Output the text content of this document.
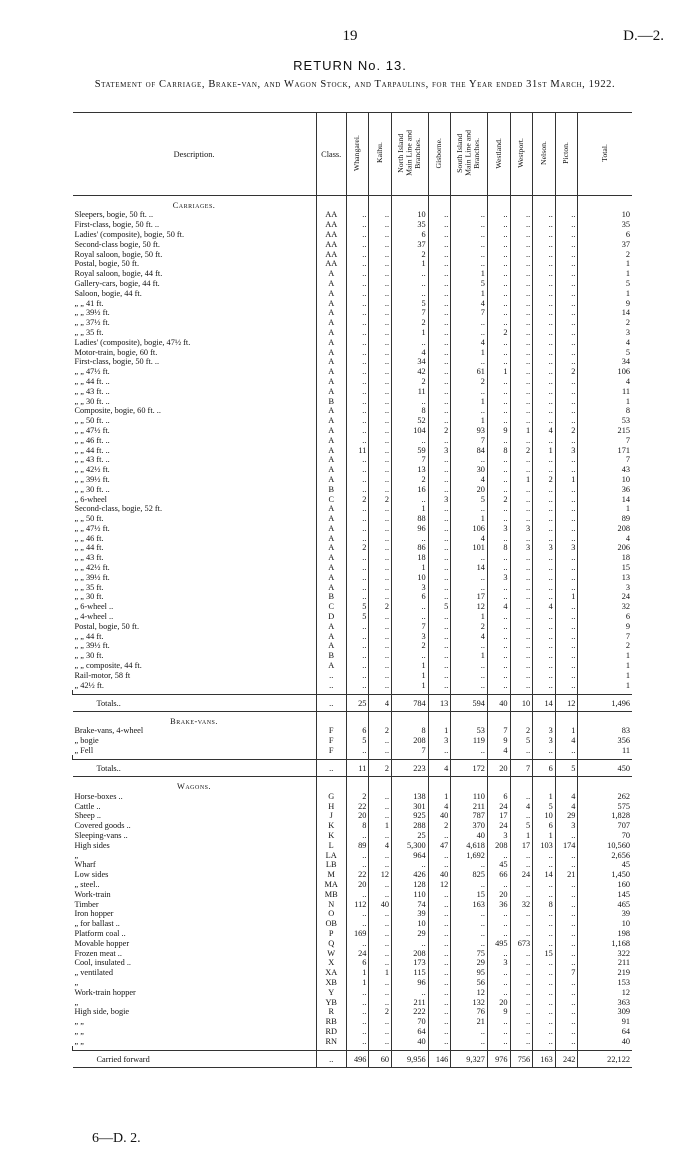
19	D.—2.
RETURN No. 13.
Statement of Carriage, Brake-van, and Wagon Stock, and Tarpaulins, for the Year ended 31st March, 1922.
Description.	Class.	Whangarei.	Kaihu.	North Island
Main Line and
Branches.	Gisborne.	South Island
Main Line and
Branches.	Westland.	Westport.	Nelson.	Picton.	Total.
Carriages.											
Sleepers, bogie, 50 ft. ..	AA	..	..	10	..	..	..	..	..	..	10
First-class, bogie, 50 ft. ..	AA	..	..	35	..	..	..	..	..	..	35
Ladies' (composite), bogie, 50 ft.	AA	..	..	6	..	..	..	..	..	..	6
Second-class bogie, 50 ft.	AA	..	..	37	..	..	..	..	..	..	37
Royal saloon, bogie, 50 ft.	AA	..	..	2	..	..	..	..	..	..	2
Postal, bogie, 50 ft.	AA	..	..	1	..	..	..	..	..	..	1
Royal saloon, bogie, 44 ft.	A	..	..	..	..	1	..	..	..	..	1
Gallery-cars, bogie, 44 ft.	A	..	..	..	..	5	..	..	..	..	5
Saloon, bogie, 44 ft.	A	..	..	..	..	1	..	..	..	..	1
„ „ 41 ft.	A	..	..	5	..	4	..	..	..	..	9
„ „ 39½ ft.	A	..	..	7	..	7	..	..	..	..	14
„ „ 37½ ft.	A	..	..	2	..	..	..	..	..	..	2
„ „ 35 ft.	A	..	..	1	..	..	2	..	..	..	3
Ladies' (composite), bogie, 47½ ft.	A	..	..	..	..	4	..	..	..	..	4
Motor-train, bogie, 60 ft.	A	..	..	4	..	1	..	..	..	..	5
First-class, bogie, 50 ft. ..	A	..	..	34	..	..	..	..	..	..	34
„ „ 47½ ft.	A	..	..	42	..	61	1	..	..	2	106
„ „ 44 ft. ..	A	..	..	2	..	2	..	..	..	..	4
„ „ 43 ft. ..	A	..	..	11	..	..	..	..	..	..	11
„ „ 30 ft. ..	B	..	..	..	..	1	..	..	..	..	1
Composite, bogie, 60 ft. ..	A	..	..	8	..	..	..	..	..	..	8
„ „ 50 ft. ..	A	..	..	52	..	1	..	..	..	..	53
„ „ 47½ ft.	A	..	..	104	2	93	9	1	4	2	215
„ „ 46 ft. ..	A	..	..	..	..	7	..	..	..	..	7
„ „ 44 ft. ..	A	11	..	59	3	84	8	2	1	3	171
„ „ 43 ft. ..	A	..	..	7	..	..	..	..	..	..	7
„ „ 42½ ft.	A	..	..	13	..	30	..	..	..	..	43
„ „ 39½ ft.	A	..	..	2	..	4	..	1	2	1	10
„ „ 30 ft. ..	B	..	..	16	..	20	..	..	..	..	36
„ 6-wheel	C	2	2	..	3	5	2	..	..	..	14
Second-class, bogie, 52 ft.	A	..	..	1	..	..	..	..	..	..	1
„ „ 50 ft.	A	..	..	88	..	1	..	..	..	..	89
„ „ 47½ ft.	A	..	..	96	..	106	3	3	..	..	208
„ „ 46 ft.	A	..	..	..	..	4	..	..	..	..	4
„ „ 44 ft.	A	2	..	86	..	101	8	3	3	3	206
„ „ 43 ft.	A	..	..	18	..	..	..	..	..	..	18
„ „ 42½ ft.	A	..	..	1	..	14	..	..	..	..	15
„ „ 39½ ft.	A	..	..	10	..	..	3	..	..	..	13
„ „ 35 ft.	A	..	..	3	..	..	..	..	..	..	3
„ „ 30 ft.	B	..	..	6	..	17	..	..	..	1	24
„ 6-wheel ..	C	5	2	..	5	12	4	..	4	..	32
„ 4-wheel ..	D	5	..	..	..	1	..	..	..	..	6
Postal, bogie, 50 ft.	A	..	..	7	..	2	..	..	..	..	9
„ „ 44 ft.	A	..	..	3	..	4	..	..	..	..	7
„ „ 39½ ft.	A	..	..	2	..	..	..	..	..	..	2
„ „ 30 ft.	B	..	..	..	..	1	..	..	..	..	1
„ „ composite, 44 ft.	A	..	..	1	..	..	..	..	..	..	1
Rail-motor, 58 ft	..	..	..	1	..	..	..	..	..	..	1
„ 42½ ft.	..	..	..	1	..	..	..	..	..	..	1

Totals..	..	25	4	784	13	594	40	10	14	12	1,496
Brake-vans.											
Brake-vans, 4-wheel	F	6	2	8	1	53	7	2	3	1	83
„ bogie	F	5	..	208	3	119	9	5	3	4	356
„ Fell	F	..	..	7	..	..	4	..	..	..	11

Totals..	..	11	2	223	4	172	20	7	6	5	450
Wagons.											
Horse-boxes ..	G	2	..	138	1	110	6	..	1	4	262
Cattle ..	H	22	..	301	4	211	24	4	5	4	575
Sheep ..	J	20	..	925	40	787	17	..	10	29	1,828
Covered goods ..	K	8	1	288	2	370	24	5	6	3	707
Sleeping-vans ..	K	..	..	25	..	40	3	1	1	..	70
High sides	L	89	4	5,300	47	4,618	208	17	103	174	10,560
„	LA	..	..	964	..	1,692	..	..	..	..	2,656
Wharf	LB	..	..	..	..	..	45	..	..	..	45
Low sides	M	22	12	426	40	825	66	24	14	21	1,450
„ steel..	MA	20	..	128	12	..	..	..	..	..	160
Work-train	MB	..	..	110	..	15	20	..	..	..	145
Timber	N	112	40	74	..	163	36	32	8	..	465
Iron hopper	O	..	..	39	..	..	..	..	..	..	39
„ for ballast ..	OB	..	..	10	..	..	..	..	..	..	10
Platform coal ..	P	169	..	29	..	..	..	..	..	..	198
Movable hopper	Q	..	..	..	..	..	495	673	..	..	1,168
Frozen meat ..	W	24	..	208	..	75	..	..	15	..	322
Cool, insulated ..	X	6	..	173	..	29	3	..	..	..	211
„ ventilated	XA	1	1	115	..	95	..	..	..	7	219
„	XB	1	..	96	..	56	..	..	..	..	153
Work-train hopper	Y	..	..	..	..	12	..	..	..	..	12
„	YB	..	..	211	..	132	20	..	..	..	363
High side, bogie	R	..	2	222	..	76	9	..	..	..	309
„ „	RB	..	..	70	..	21	..	..	..	..	91
„ „	RD	..	..	64	..	..	..	..	..	..	64
„ „	RN	..	..	40	..	..	..	..	..	..	40

Carried forward	..	496	60	9,956	146	9,327	976	756	163	242	22,122
6—D. 2.
